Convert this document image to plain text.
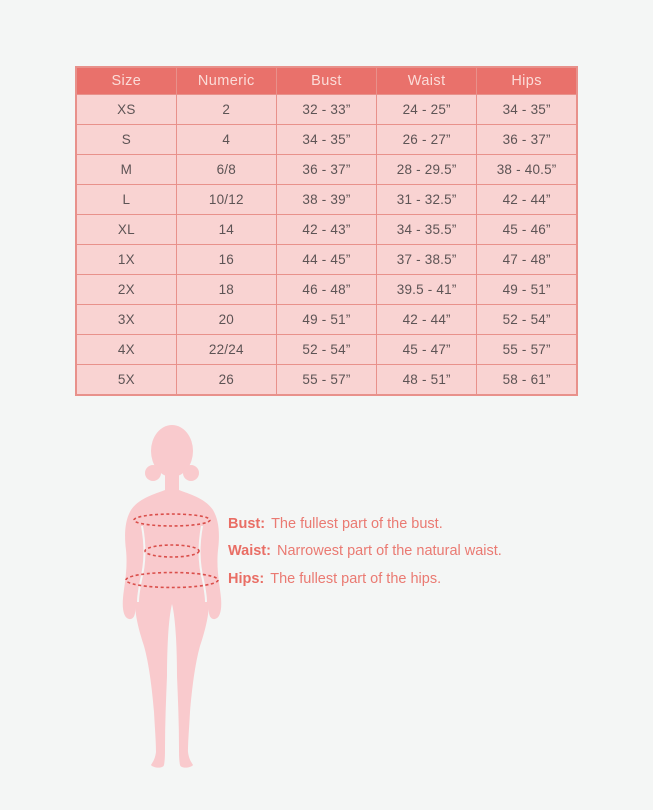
Size	Numeric	Bust	Waist	Hips
XS	2	32 - 33”	24 - 25”	34 - 35”
S	4	34 - 35”	26 - 27”	36 - 37”
M	6/8	36 - 37”	28 - 29.5”	38 - 40.5”
L	10/12	38 - 39”	31 - 32.5”	42 - 44”
XL	14	42 - 43”	34 - 35.5”	45 - 46”
1X	16	44 - 45”	37 - 38.5”	47 - 48”
2X	18	46 - 48”	39.5 - 41”	49 - 51”
3X	20	49 - 51”	42 - 44”	52 - 54”
4X	22/24	52 - 54”	45 - 47”	55 - 57”
5X	26	55 - 57”	48 - 51”	58 - 61”
Bust: The fullest part of the bust.
Waist: Narrowest part of the natural waist.
Hips: The fullest part of the hips.
